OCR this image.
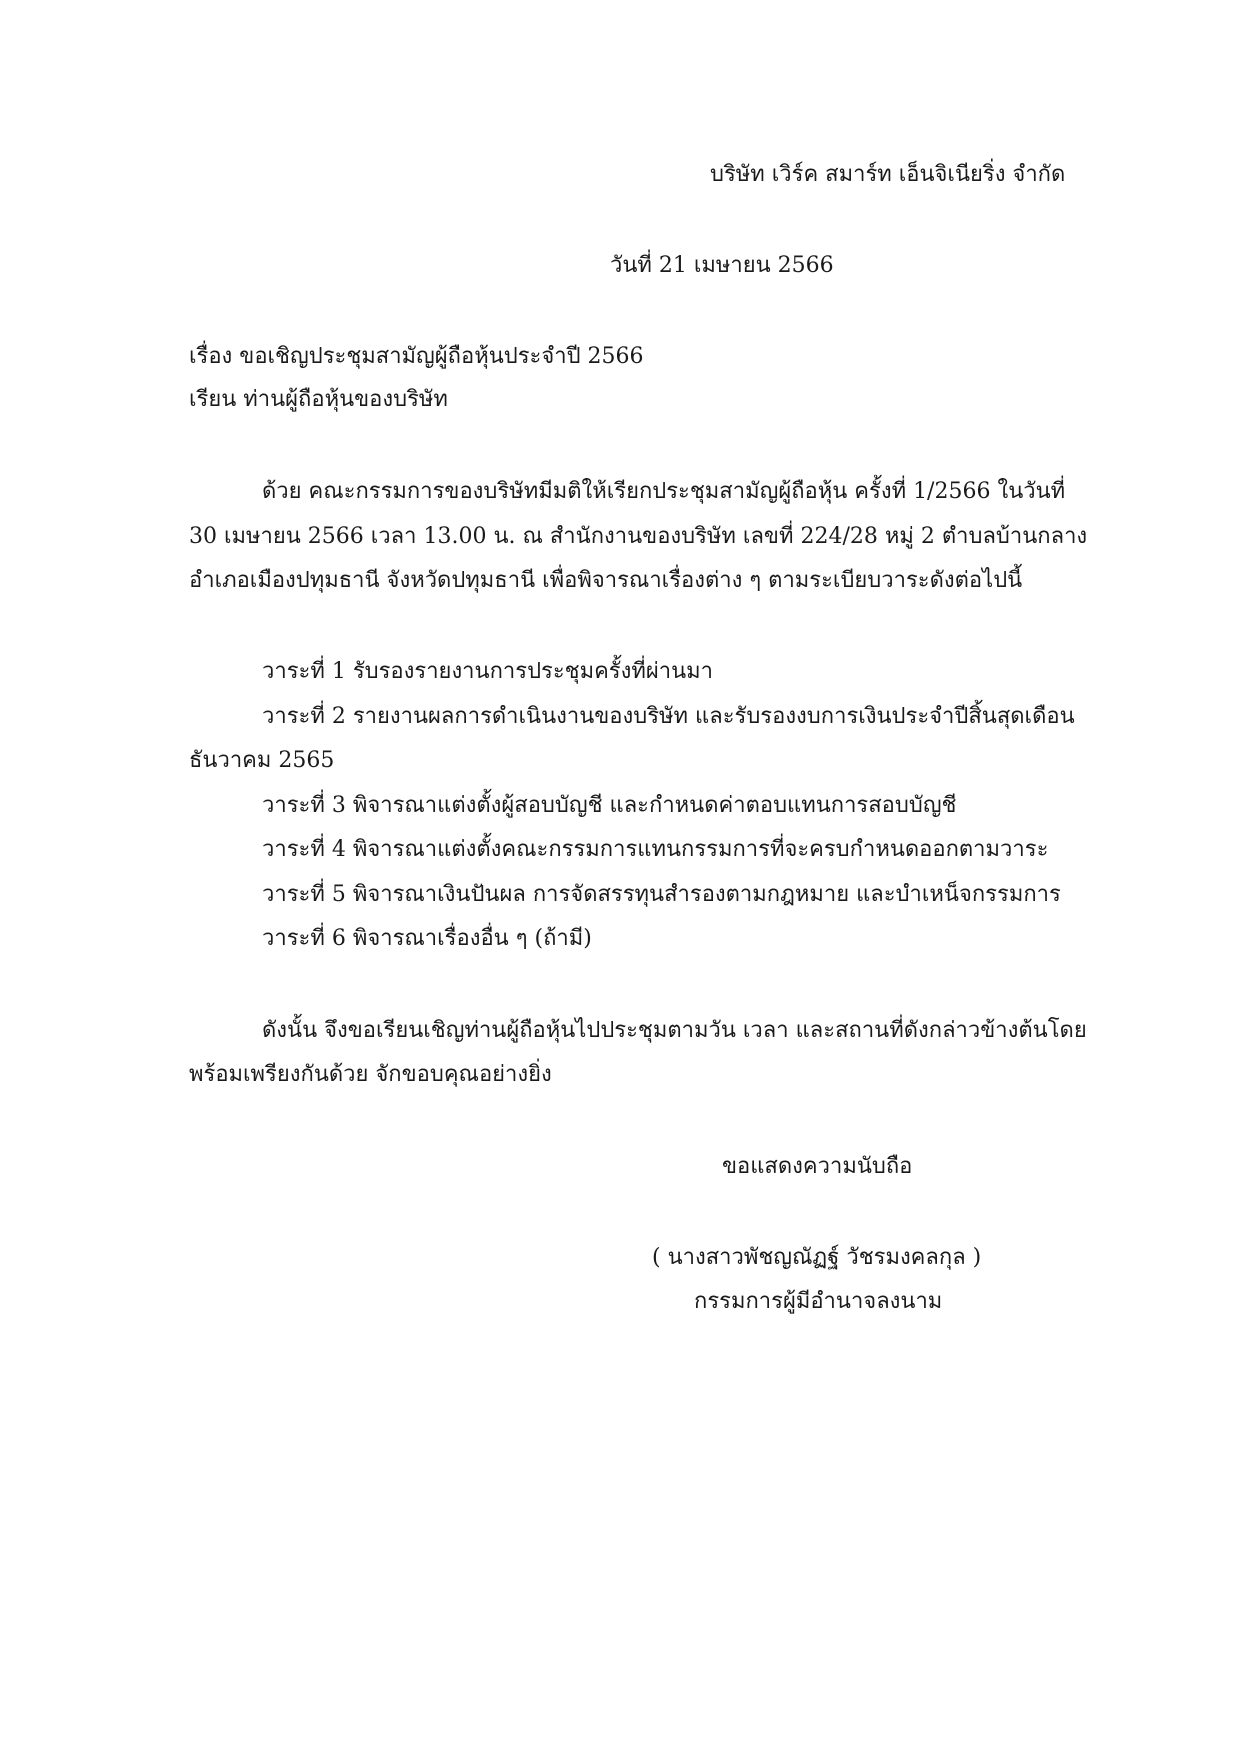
บริษัท เวิร์ค สมาร์ท เอ็นจิเนียริ่ง จำกัด
วันที่ 21 เมษายน 2566
เรื่อง ขอเชิญประชุมสามัญผู้ถือหุ้นประจำปี 2566
เรียน ท่านผู้ถือหุ้นของบริษัท
ด้วย คณะกรรมการของบริษัทมีมติให้เรียกประชุมสามัญผู้ถือหุ้น ครั้งที่ 1/2566 ในวันที่
30 เมษายน 2566 เวลา 13.00 น. ณ สำนักงานของบริษัท เลขที่ 224/28 หมู่ 2 ตำบลบ้านกลาง
อำเภอเมืองปทุมธานี จังหวัดปทุมธานี เพื่อพิจารณาเรื่องต่าง ๆ ตามระเบียบวาระดังต่อไปนี้
วาระที่ 1 รับรองรายงานการประชุมครั้งที่ผ่านมา
วาระที่ 2 รายงานผลการดำเนินงานของบริษัท และรับรองงบการเงินประจำปีสิ้นสุดเดือน
ธันวาคม 2565
วาระที่ 3 พิจารณาแต่งตั้งผู้สอบบัญชี และกำหนดค่าตอบแทนการสอบบัญชี
วาระที่ 4 พิจารณาแต่งตั้งคณะกรรมการแทนกรรมการที่จะครบกำหนดออกตามวาระ
วาระที่ 5 พิจารณาเงินปันผล การจัดสรรทุนสำรองตามกฎหมาย และบำเหน็จกรรมการ
วาระที่ 6 พิจารณาเรื่องอื่น ๆ (ถ้ามี)
ดังนั้น จึงขอเรียนเชิญท่านผู้ถือหุ้นไปประชุมตามวัน เวลา และสถานที่ดังกล่าวข้างต้นโดย
พร้อมเพรียงกันด้วย จักขอบคุณอย่างยิ่ง
ขอแสดงความนับถือ
( นางสาวพัชญณัฏฐ์ วัชรมงคลกุล )
กรรมการผู้มีอำนาจลงนาม
